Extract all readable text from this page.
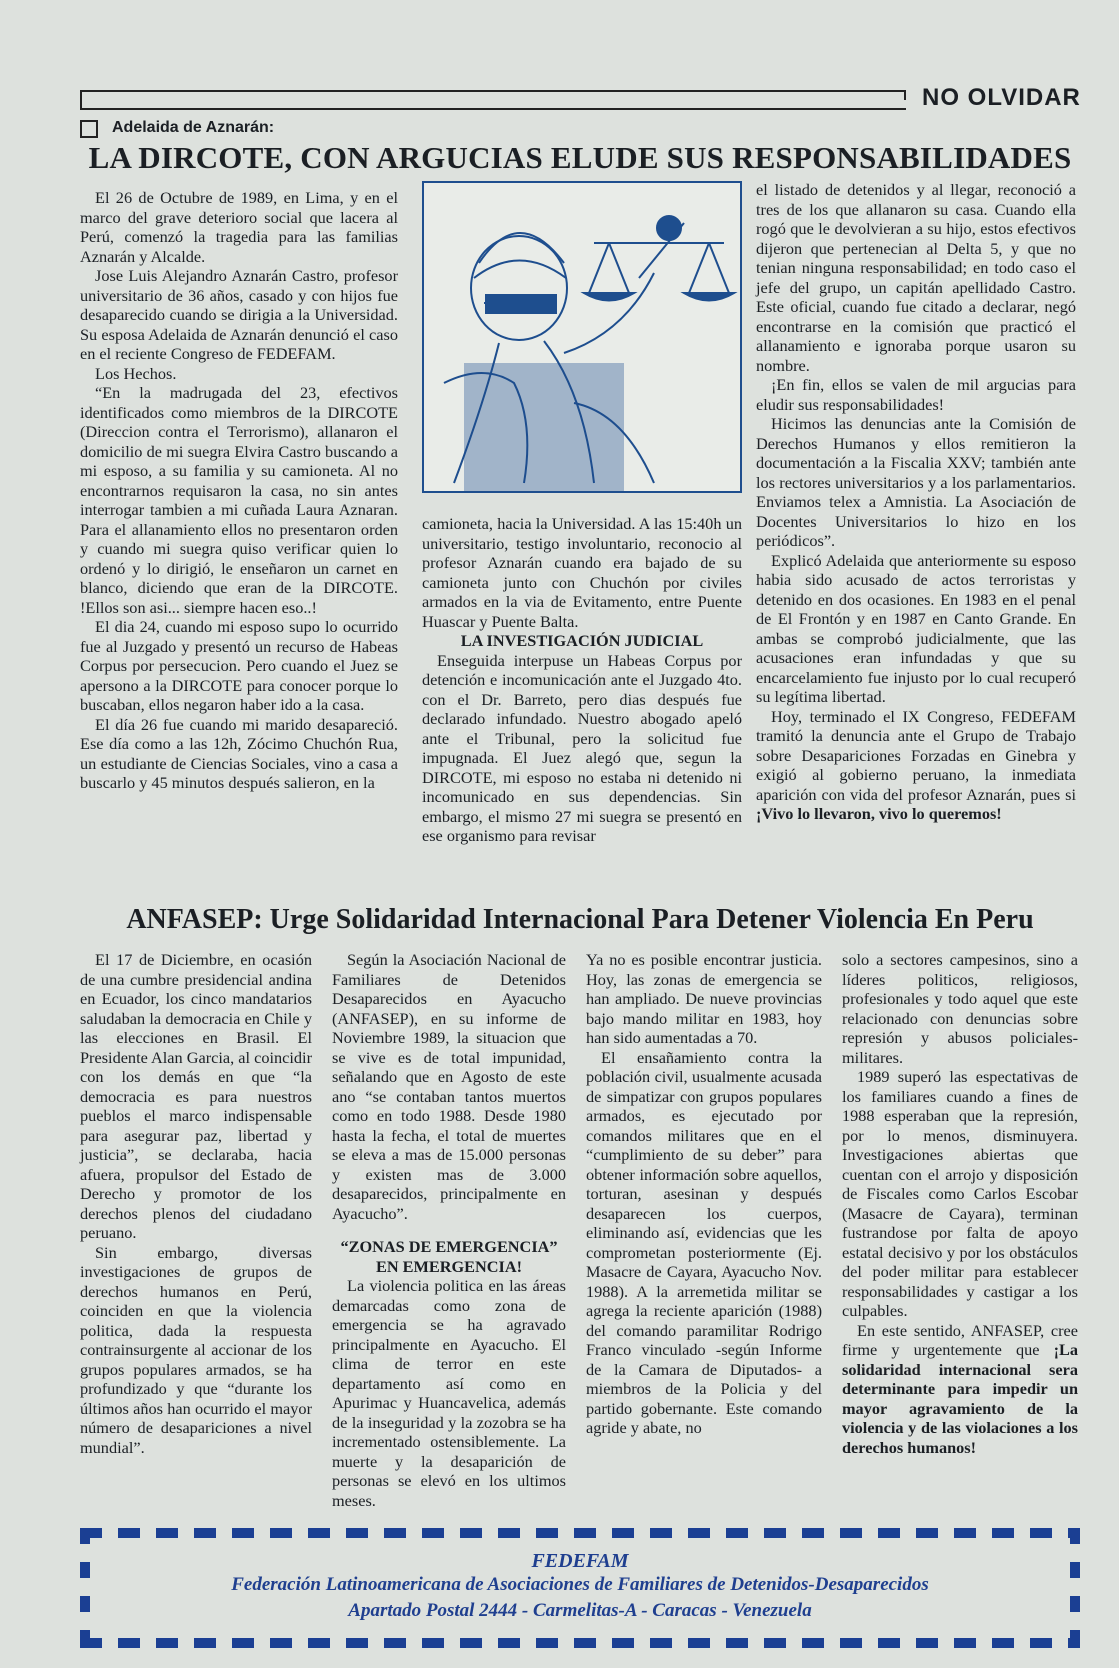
NO OLVIDAR
Adelaida de Aznarán:
LA DIRCOTE, CON ARGUCIAS ELUDE SUS RESPONSABILIDADES

El 26 de Octubre de 1989, en Lima, y en el marco del grave deterioro social que lacera al Perú, comenzó la tragedia para las familias Aznarán y Alcalde.

Jose Luis Alejandro Aznarán Castro, profesor universitario de 36 años, casado y con hijos fue desaparecido cuando se dirigia a la Universidad. Su esposa Adelaida de Aznarán denunció el caso en el reciente Congreso de FEDEFAM.

Los Hechos.

“En la madrugada del 23, efectivos identificados como miembros de la DIRCOTE (Direccion contra el Terrorismo), allanaron el domicilio de mi suegra Elvira Castro buscando a mi esposo, a su familia y su camioneta. Al no encontrarnos requisaron la casa, no sin antes interrogar tambien a mi cuñada Laura Aznaran. Para el allanamiento ellos no presentaron orden y cuando mi suegra quiso verificar quien lo ordenó y lo dirigió, le enseñaron un carnet en blanco, diciendo que eran de la DIRCOTE. !Ellos son asi... siempre hacen eso..!

El dia 24, cuando mi esposo supo lo ocurrido fue al Juzgado y presentó un recurso de Habeas Corpus por persecucion. Pero cuando el Juez se apersono a la DIRCOTE para conocer porque lo buscaban, ellos negaron haber ido a la casa.

El día 26 fue cuando mi marido desapareció. Ese día como a las 12h, Zócimo Chuchón Rua, un estudiante de Ciencias Sociales, vino a casa a buscarlo y 45 minutos después salieron, en la

camioneta, hacia la Universidad. A las 15:40h un universitario, testigo involuntario, reconocio al profesor Aznarán cuando era bajado de su camioneta junto con Chuchón por civiles armados en la via de Evitamento, entre Puente Huascar y Puente Balta.

LA INVESTIGACIÓN JUDICIAL

Enseguida interpuse un Habeas Corpus por detención e incomunicación ante el Juzgado 4to. con el Dr. Barreto, pero dias después fue declarado infundado. Nuestro abogado apeló ante el Tribunal, pero la solicitud fue impugnada. El Juez alegó que, segun la DIRCOTE, mi esposo no estaba ni detenido ni incomunicado en sus dependencias. Sin embargo, el mismo 27 mi suegra se presentó en ese organismo para revisar

el listado de detenidos y al llegar, reconoció a tres de los que allanaron su casa. Cuando ella rogó que le devolvieran a su hijo, estos efectivos dijeron que pertenecian al Delta 5, y que no tenian ninguna responsabilidad; en todo caso el jefe del grupo, un capitán apellidado Castro. Este oficial, cuando fue citado a declarar, negó encontrarse en la comisión que practicó el allanamiento e ignoraba porque usaron su nombre.

¡En fin, ellos se valen de mil argucias para eludir sus responsabilidades!

Hicimos las denuncias ante la Comisión de Derechos Humanos y ellos remitieron la documentación a la Fiscalia XXV; también ante los rectores universitarios y a los parlamentarios. Enviamos telex a Amnistia. La Asociación de Docentes Universitarios lo hizo en los periódicos”.

Explicó Adelaida que anteriormente su esposo habia sido acusado de actos terroristas y detenido en dos ocasiones. En 1983 en el penal de El Frontón y en 1987 en Canto Grande. En ambas se comprobó judicialmente, que las acusaciones eran infundadas y que su encarcelamiento fue injusto por lo cual recuperó su legítima libertad.

Hoy, terminado el IX Congreso, FEDEFAM tramitó la denuncia ante el Grupo de Trabajo sobre Desapariciones Forzadas en Ginebra y exigió al gobierno peruano, la inmediata aparición con vida del profesor Aznarán, pues si ¡Vivo lo llevaron, vivo lo queremos!

ANFASEP: Urge Solidaridad Internacional Para Detener Violencia En Peru

El 17 de Diciembre, en ocasión de una cumbre presidencial andina en Ecuador, los cinco mandatarios saludaban la democracia en Chile y las elecciones en Brasil. El Presidente Alan Garcia, al coincidir con los demás en que “la democracia es para nuestros pueblos el marco indispensable para asegurar paz, libertad y justicia”, se declaraba, hacia afuera, propulsor del Estado de Derecho y promotor de los derechos plenos del ciudadano peruano.

Sin embargo, diversas investigaciones de grupos de derechos humanos en Perú, coinciden en que la violencia politica, dada la respuesta contrainsurgente al accionar de los grupos populares armados, se ha profundizado y que “durante los últimos años han ocurrido el mayor número de desapariciones a nivel mundial”.

Según la Asociación Nacional de Familiares de Detenidos Desaparecidos en Ayacucho (ANFASEP), en su informe de Noviembre 1989, la situacion que se vive es de total impunidad, señalando que en Agosto de este ano “se contaban tantos muertos como en todo 1988. Desde 1980 hasta la fecha, el total de muertes se eleva a mas de 15.000 personas y existen mas de 3.000 desaparecidos, principalmente en Ayacucho”.

“ZONAS DE EMERGENCIA” EN EMERGENCIA!

La violencia politica en las áreas demarcadas como zona de emergencia se ha agravado principalmente en Ayacucho. El clima de terror en este departamento así como en Apurimac y Huancavelica, además de la inseguridad y la zozobra se ha incrementado ostensiblemente. La muerte y la desaparición de personas se elevó en los ultimos meses.

Ya no es posible encontrar justicia. Hoy, las zonas de emergencia se han ampliado. De nueve provincias bajo mando militar en 1983, hoy han sido aumentadas a 70.

El ensañamiento contra la población civil, usualmente acusada de simpatizar con grupos populares armados, es ejecutado por comandos militares que en el “cumplimiento de su deber” para obtener información sobre aquellos, torturan, asesinan y después desaparecen los cuerpos, eliminando así, evidencias que les comprometan posteriormente (Ej. Masacre de Cayara, Ayacucho Nov. 1988). A la arremetida militar se agrega la reciente aparición (1988) del comando paramilitar Rodrigo Franco vinculado -según Informe de la Camara de Diputados- a miembros de la Policia y del partido gobernante. Este comando agride y abate, no

solo a sectores campesinos, sino a líderes politicos, religiosos, profesionales y todo aquel que este relacionado con denuncias sobre represión y abusos policiales-militares.

1989 superó las espectativas de los familiares cuando a fines de 1988 esperaban que la represión, por lo menos, disminuyera. Investigaciones abiertas que cuentan con el arrojo y disposición de Fiscales como Carlos Escobar (Masacre de Cayara), terminan fustrandose por falta de apoyo estatal decisivo y por los obstáculos del poder militar para establecer responsabilidades y castigar a los culpables.

En este sentido, ANFASEP, cree firme y urgentemente que ¡La solidaridad internacional sera determinante para impedir un mayor agravamiento de la violencia y de las violaciones a los derechos humanos!

FEDEFAM
Federación Latinoamericana de Asociaciones de Familiares de Detenidos-Desaparecidos
Apartado Postal 2444 - Carmelitas-A - Caracas - Venezuela
